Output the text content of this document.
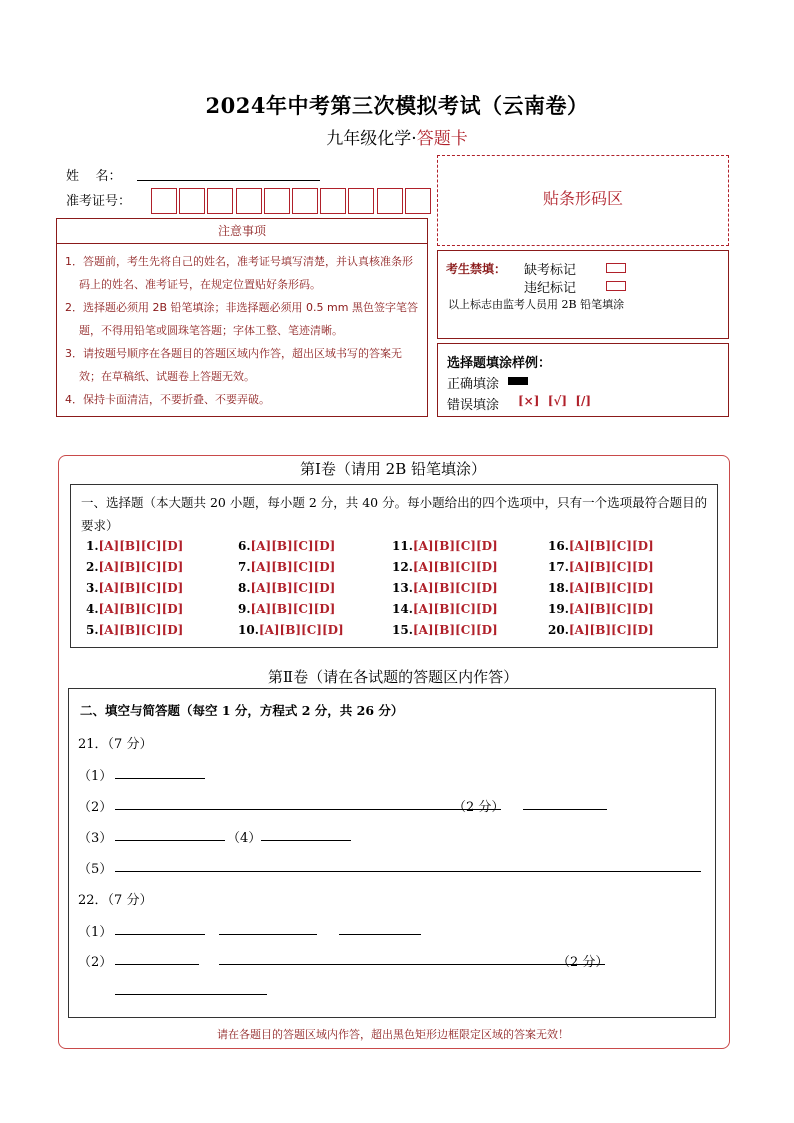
2024年中考第三次模拟考试（云南卷）
九年级化学·答题卡
姓    名：
准考证号：
注意事项

1．答题前，考生先将自己的姓名，准考证号填写清楚，并认真核准条形码上的姓名、准考证号，在规定位置贴好条形码。

2．选择题必须用 2B 铅笔填涂；非选择题必须用 0.5 mm 黑色签字笔答题，不得用铅笔或圆珠笔答题；字体工整、笔迹清晰。

3．请按题号顺序在各题目的答题区域内作答，超出区域书写的答案无效；在草稿纸、试题卷上答题无效。

4．保持卡面清洁，不要折叠、不要弄破。

贴条形码区
考生禁填： 缺考标记
违纪标记
以上标志由监考人员用 2B 铅笔填涂
选择题填涂样例：
正确填涂
错误填涂 [×]  [√]  [/]
第Ⅰ卷（请用 2B 铅笔填涂）
一、选择题（本大题共 20 小题，每小题 2 分，共 40 分。每小题给出的四个选项中，只有一个选项最符合题目的要求）
1.[A][B][C][D]
2.[A][B][C][D]
3.[A][B][C][D]
4.[A][B][C][D]
5.[A][B][C][D]
6.[A][B][C][D]
7.[A][B][C][D]
8.[A][B][C][D]
9.[A][B][C][D]
10.[A][B][C][D]
11.[A][B][C][D]
12.[A][B][C][D]
13.[A][B][C][D]
14.[A][B][C][D]
15.[A][B][C][D]
16.[A][B][C][D]
17.[A][B][C][D]
18.[A][B][C][D]
19.[A][B][C][D]
20.[A][B][C][D]
第Ⅱ卷（请在各试题的答题区内作答）
二、填空与简答题（每空 1 分，方程式 2 分，共 26 分）
21．（7 分）
（1）
（2）	（2 分）
（3）	（4）
（5）
22．（7 分）
（1）
（2）	（2 分）
请在各题目的答题区域内作答，超出黑色矩形边框限定区域的答案无效！
